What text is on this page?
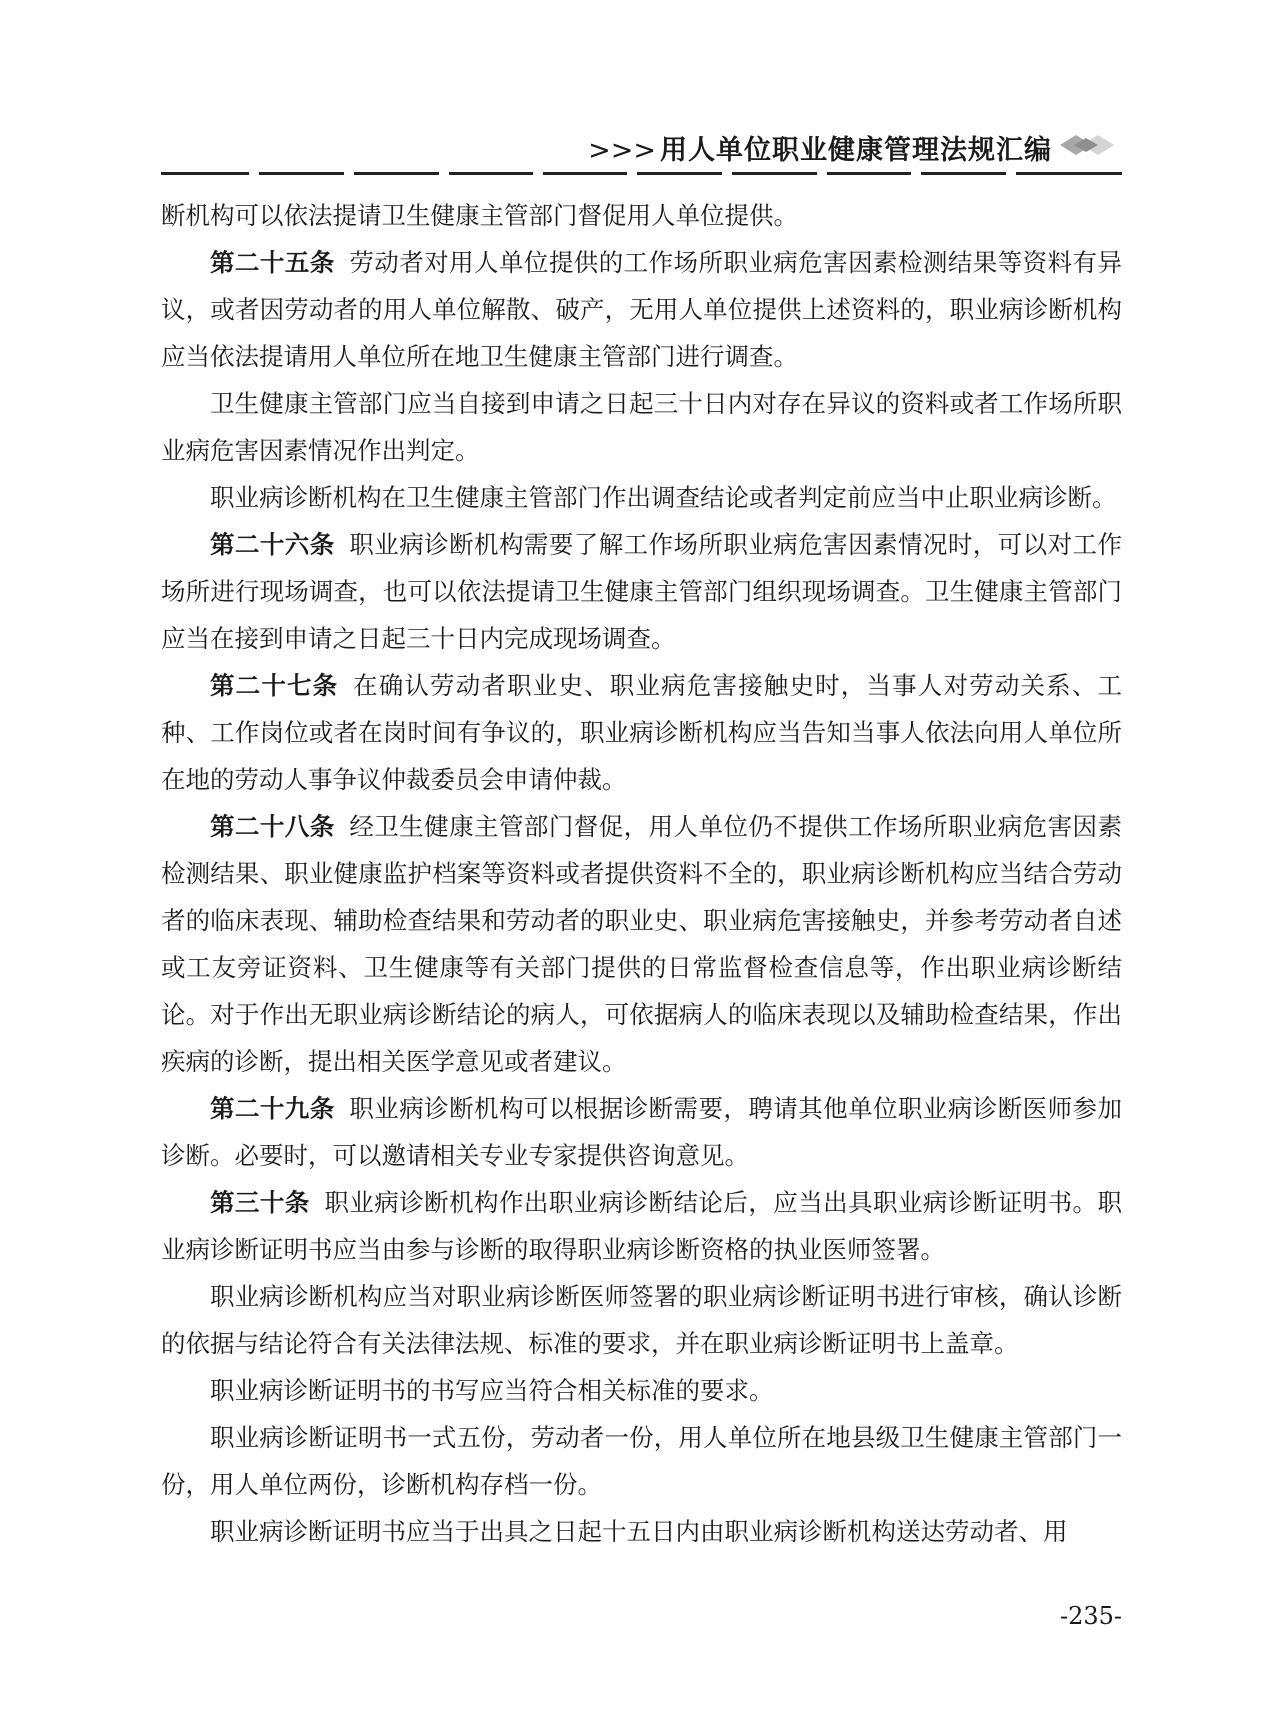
>>> 用人单位职业健康管理法规汇编

断机构可以依法提请卫生健康主管部门督促用人单位提供。

第二十五条 劳动者对用人单位提供的工作场所职业病危害因素检测结果等资料有异议，或者因劳动者的用人单位解散、破产，无用人单位提供上述资料的，职业病诊断机构应当依法提请用人单位所在地卫生健康主管部门进行调查。

卫生健康主管部门应当自接到申请之日起三十日内对存在异议的资料或者工作场所职业病危害因素情况作出判定。

职业病诊断机构在卫生健康主管部门作出调查结论或者判定前应当中止职业病诊断。

第二十六条 职业病诊断机构需要了解工作场所职业病危害因素情况时，可以对工作场所进行现场调查，也可以依法提请卫生健康主管部门组织现场调查。卫生健康主管部门应当在接到申请之日起三十日内完成现场调查。

第二十七条 在确认劳动者职业史、职业病危害接触史时，当事人对劳动关系、工种、工作岗位或者在岗时间有争议的，职业病诊断机构应当告知当事人依法向用人单位所在地的劳动人事争议仲裁委员会申请仲裁。

第二十八条 经卫生健康主管部门督促，用人单位仍不提供工作场所职业病危害因素检测结果、职业健康监护档案等资料或者提供资料不全的，职业病诊断机构应当结合劳动者的临床表现、辅助检查结果和劳动者的职业史、职业病危害接触史，并参考劳动者自述或工友旁证资料、卫生健康等有关部门提供的日常监督检查信息等，作出职业病诊断结论。对于作出无职业病诊断结论的病人，可依据病人的临床表现以及辅助检查结果，作出疾病的诊断，提出相关医学意见或者建议。

第二十九条 职业病诊断机构可以根据诊断需要，聘请其他单位职业病诊断医师参加诊断。必要时，可以邀请相关专业专家提供咨询意见。

第三十条 职业病诊断机构作出职业病诊断结论后，应当出具职业病诊断证明书。职业病诊断证明书应当由参与诊断的取得职业病诊断资格的执业医师签署。

职业病诊断机构应当对职业病诊断医师签署的职业病诊断证明书进行审核，确认诊断的依据与结论符合有关法律法规、标准的要求，并在职业病诊断证明书上盖章。

职业病诊断证明书的书写应当符合相关标准的要求。

职业病诊断证明书一式五份，劳动者一份，用人单位所在地县级卫生健康主管部门一份，用人单位两份，诊断机构存档一份。

职业病诊断证明书应当于出具之日起十五日内由职业病诊断机构送达劳动者、用

-235-
